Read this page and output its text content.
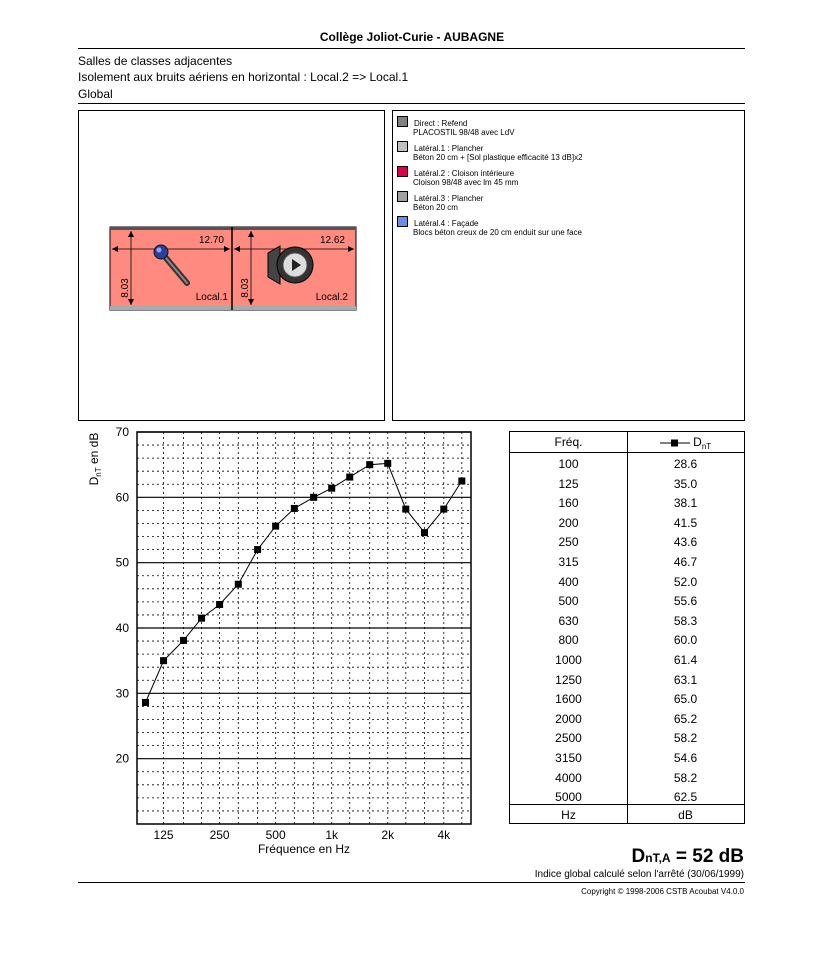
Collège Joliot-Curie - AUBAGNE
Salles de classes adjacentes
Isolement aux bruits aériens en horizontal : Local.2 => Local.1
Global
12.70
8.03	Local.1
12.62
8.03	Local.2
Direct : Refend
PLACOSTIL 98/48 avec LdV
Latéral.1 : Plancher
Béton 20 cm + [Sol plastique efficacité 13 dB]x2
Latéral.2 : Cloison intérieure
Cloison 98/48 avec lm 45 mm
Latéral.3 : Plancher
Béton 20 cm
Latéral.4 : Façade
Blocs béton creux de 20 cm enduit sur une face
20
30
40
50
60
70
125	250	500	1k	2k	4k
$D_{nT}$ en dB
Fréquence en Hz
Fréq.	$D_{nT}$
100	28.6
125	35.0
160	38.1
200	41.5
250	43.6
315	46.7
400	52.0
500	55.6
630	58.3
800	60.0
1000	61.4
1250	63.1
1600	65.0
2000	65.2
2500	58.2
3150	54.6
4000	58.2
5000	62.5
Hz	dB
DnT,A = 52 dB
Indice global calculé selon l'arrêté (30/06/1999)
Copyright © 1998-2006 CSTB Acoubat V4.0.0
